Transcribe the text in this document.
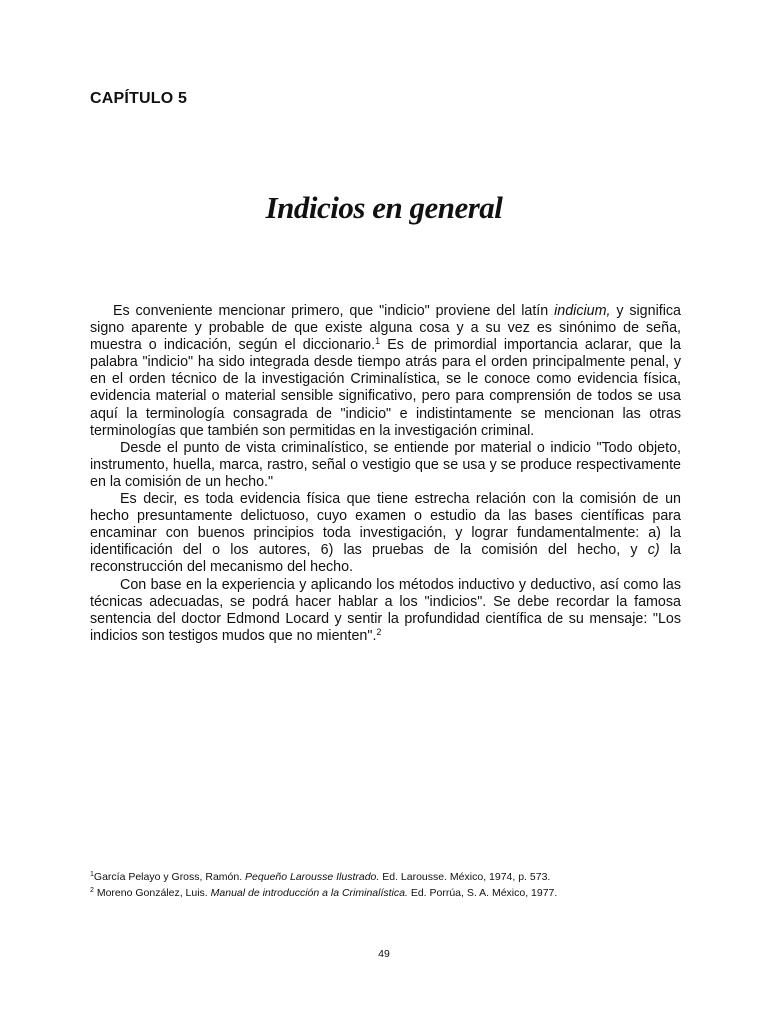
CAPÍTULO 5
Indicios en general

Es conveniente mencionar primero, que "indicio" proviene del latín indicium, y significa signo aparente y probable de que existe alguna cosa y a su vez es sinónimo de seña, muestra o indicación, según el diccionario.$^1$ Es de primordial importancia aclarar, que la palabra "indicio" ha sido integrada desde tiempo atrás para el orden principalmente penal, y en el orden técnico de la investigación Criminalística, se le conoce como evidencia física, evidencia material o material sensible significativo, pero para comprensión de todos se usa aquí la terminología consagrada de "indicio" e indistintamente se mencionan las otras terminologías que también son permitidas en la investigación criminal.

Desde el punto de vista criminalístico, se entiende por material o indicio "Todo objeto, instrumento, huella, marca, rastro, señal o vestigio que se usa y se produce respectivamente en la comisión de un hecho."

Es decir, es toda evidencia física que tiene estrecha relación con la comisión de un hecho presuntamente delictuoso, cuyo examen o estudio da las bases científicas para encaminar con buenos principios toda investigación, y lograr fundamentalmente: a) la identificación del o los autores, 6) las pruebas de la comisión del hecho, y c) la reconstrucción del mecanismo del hecho.

Con base en la experiencia y aplicando los métodos inductivo y deductivo, así como las técnicas adecuadas, se podrá hacer hablar a los "indicios". Se debe recordar la famosa sentencia del doctor Edmond Locard y sentir la profundidad científica de su mensaje: "Los indicios son testigos mudos que no mienten".$^2$

$^1$García Pelayo y Gross, Ramón. Pequeño Larousse Ilustrado. Ed. Larousse. México, 1974, p. 573.

$^2$ Moreno González, Luis. Manual de introducción a la Criminalística. Ed. Porrúa, S. A. México, 1977.

49
